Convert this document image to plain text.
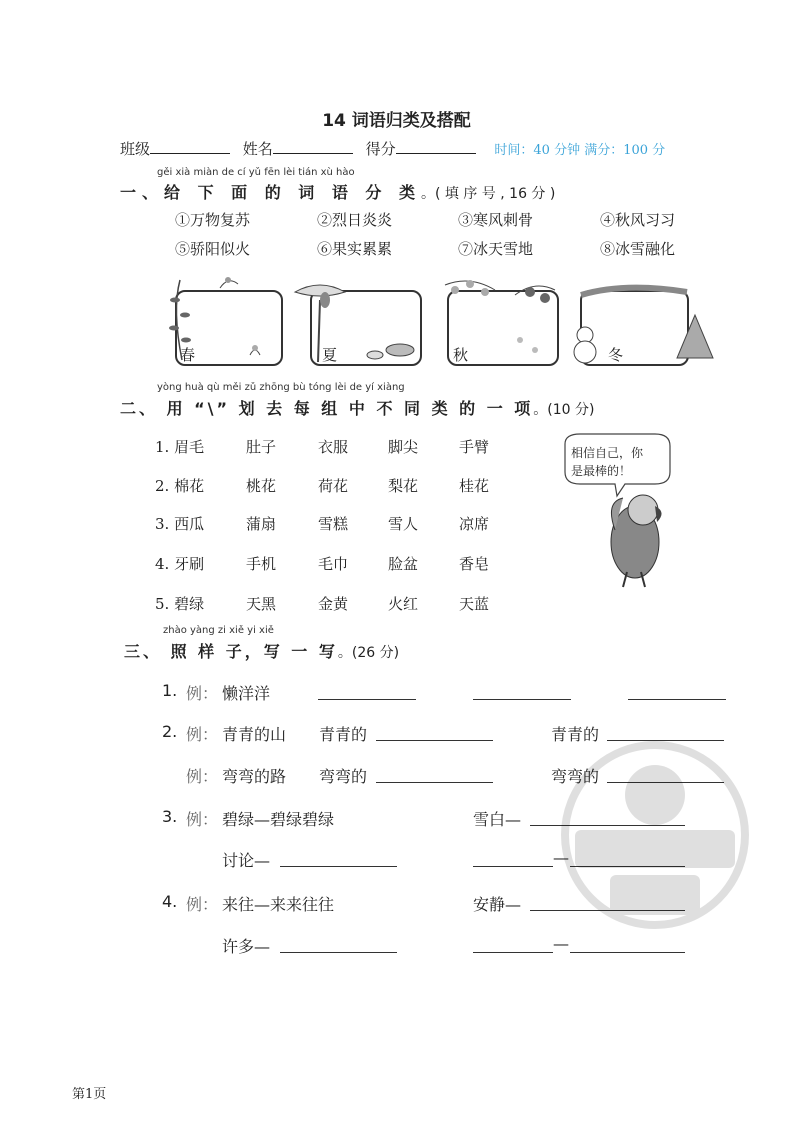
14 词语归类及搭配
班级	姓名	得分	时间：40 分钟 满分：100 分
gěi xià miàn de cí yǔ fēn lèi tián xù hào
一、给 下 面 的 词 语 分 类。( 填 序 号 , 16 分 )
①万物复苏	②烈日炎炎	③寒风刺骨	④秋风习习
⑤骄阳似火	⑥果实累累	⑦冰天雪地	⑧冰雪融化
春	夏	秋	冬
yòng huà qù měi zǔ zhōng bù tóng lèi de yí xiàng
二、 用 “\” 划 去 每 组 中 不 同 类 的 一 项。(10 分)
1. 眉毛	肚子	衣服	脚尖	手臂
2. 棉花	桃花	荷花	梨花	桂花
3. 西瓜	蒲扇	雪糕	雪人	凉席
4. 牙刷	手机	毛巾	脸盆	香皂
5. 碧绿	天黑	金黄	火红	天蓝
相信自己，你
是最棒的！
zhào yàng zi xiě yi xiě
三、 照 样 子，写 一 写。(26 分)
1. 例： 懒洋洋
2. 例： 青青的山 青青的	青青的
例： 弯弯的路 弯弯的	弯弯的
3. 例： 碧绿—碧绿碧绿	雪白—
讨论—	—
4. 例： 来往—来来往往	安静—
许多—	—
第1页
